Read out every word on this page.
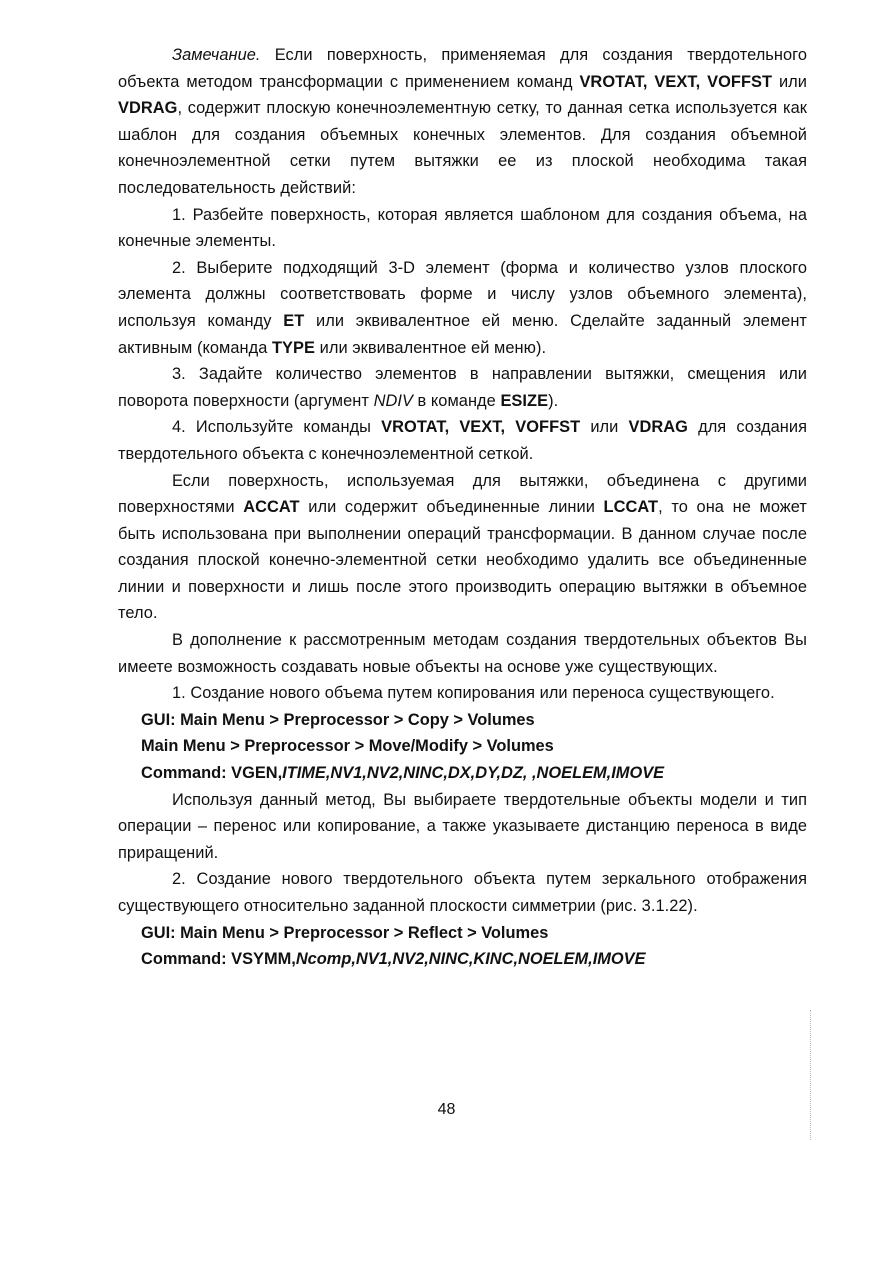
Замечание. Если поверхность, применяемая для создания твердотельного объекта методом трансформации с применением команд VROTAT, VEXT, VOFFST или VDRAG, содержит плоскую конечноэлементную сетку, то данная сетка используется как шаблон для создания объемных конечных элементов. Для создания объемной конечноэлементной сетки путем вытяжки ее из плоской необходима такая последовательность действий:

1. Разбейте поверхность, которая является шаблоном для создания объема, на конечные элементы.

2. Выберите подходящий 3-D элемент (форма и количество узлов плоского элемента должны соответствовать форме и числу узлов объемного элемента), используя команду ET или эквивалентное ей меню. Сделайте заданный элемент активным (команда TYPE или эквивалентное ей меню).

3. Задайте количество элементов в направлении вытяжки, смещения или поворота поверхности (аргумент NDIV в команде ESIZE).

4. Используйте команды VROTAT, VEXT, VOFFST или VDRAG для создания твердотельного объекта с конечноэлементной сеткой.

Если поверхность, используемая для вытяжки, объединена с другими поверхностями ACCAT или содержит объединенные линии LCCAT, то она не может быть использована при выполнении операций трансформации. В данном случае после создания плоской конечно-элементной сетки необходимо удалить все объединенные линии и поверхности и лишь после этого производить операцию вытяжки в объемное тело.

В дополнение к рассмотренным методам создания твердотельных объектов Вы имеете возможность создавать новые объекты на основе уже существующих.

1. Создание нового объема путем копирования или переноса существующего.

GUI: Main Menu > Preprocessor > Copy > Volumes
Main Menu > Preprocessor > Move/Modify > Volumes
Command: VGEN,ITIME,NV1,NV2,NINC,DX,DY,DZ, ,NOELEM,IMOVE

Используя данный метод, Вы выбираете твердотельные объекты модели и тип операции – перенос или копирование, а также указываете дистанцию переноса в виде приращений.

2. Создание нового твердотельного объекта путем зеркального отображения существующего относительно заданной плоскости симметрии (рис. 3.1.22).

GUI: Main Menu > Preprocessor > Reflect > Volumes
Command: VSYMM,Ncomp,NV1,NV2,NINC,KINC,NOELEM,IMOVE
48
